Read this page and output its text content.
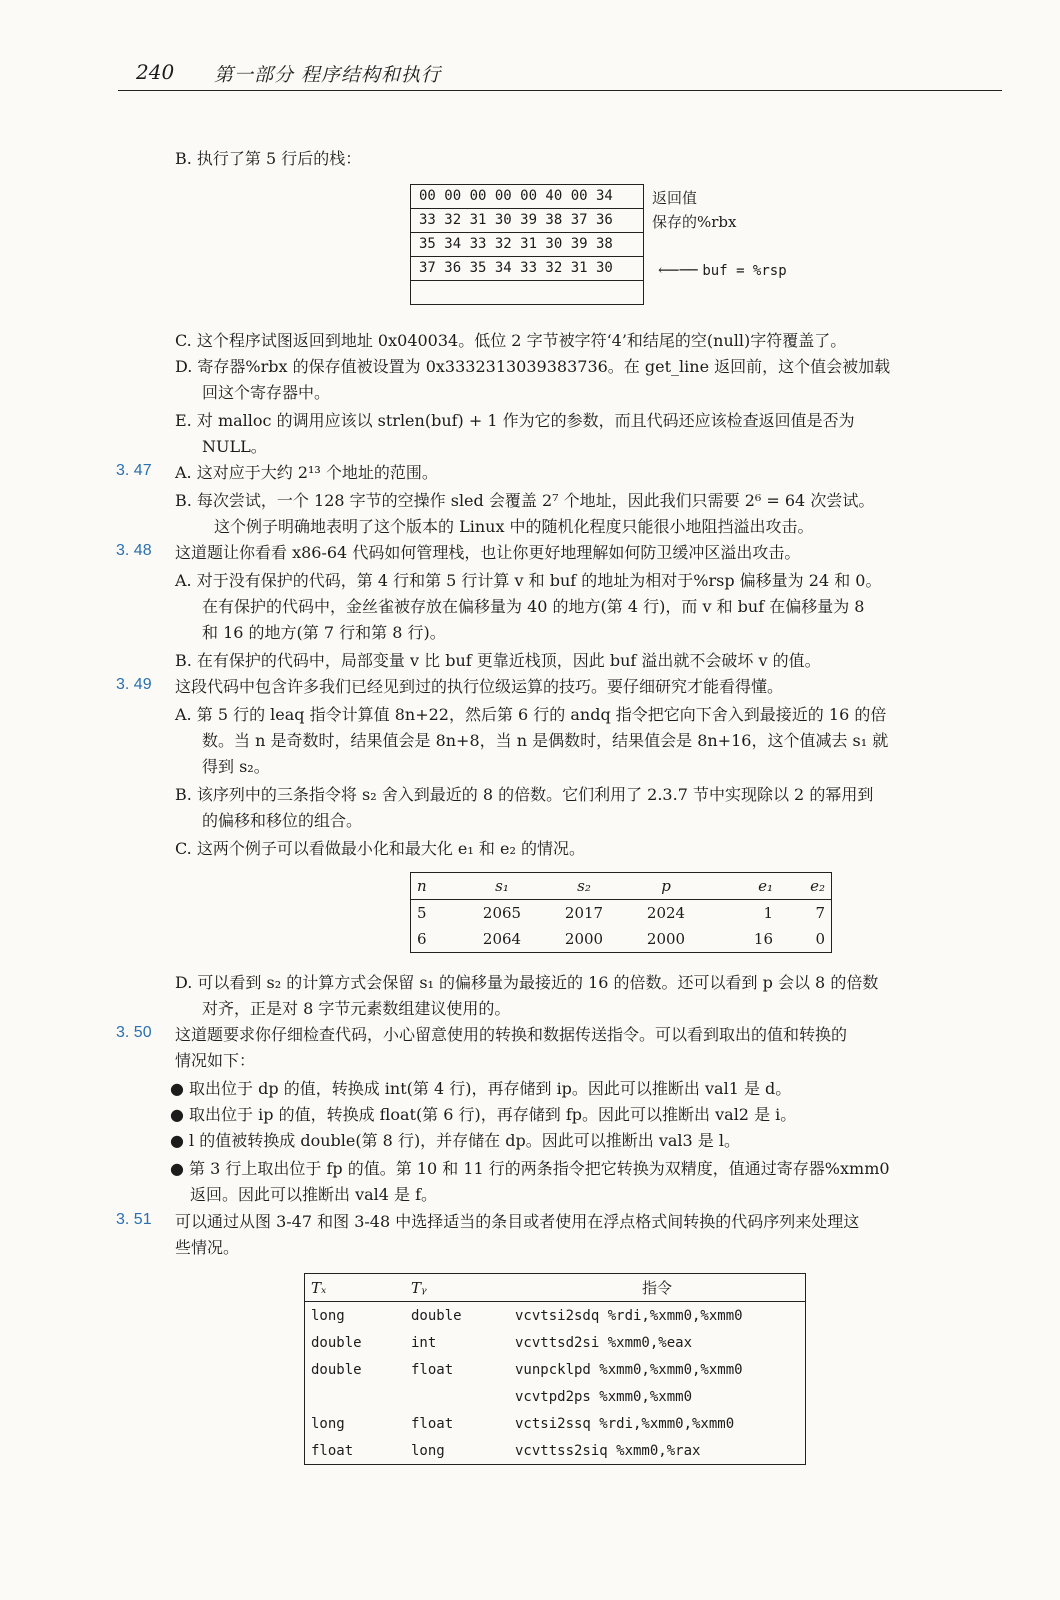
240 第一部分 程序结构和执行
B. 执行了第 5 行后的栈：
00 00 00 00 00 40 00 34
33 32 31 30 39 38 37 36
35 34 33 32 31 30 39 38
37 36 35 34 33 32 31 30
返回值
保存的%rbx
⟵── buf = %rsp
C. 这个程序试图返回到地址 0x040034。低位 2 字节被字符‘4’和结尾的空(null)字符覆盖了。
D. 寄存器%rbx 的保存值被设置为 0x3332313039383736。在 get_line 返回前，这个值会被加载
回这个寄存器中。
E. 对 malloc 的调用应该以 strlen(buf) + 1 作为它的参数，而且代码还应该检查返回值是否为
NULL。
3. 47 A. 这对应于大约 2¹³ 个地址的范围。
B. 每次尝试，一个 128 字节的空操作 sled 会覆盖 2⁷ 个地址，因此我们只需要 2⁶ = 64 次尝试。
这个例子明确地表明了这个版本的 Linux 中的随机化程度只能很小地阻挡溢出攻击。
3. 48 这道题让你看看 x86-64 代码如何管理栈，也让你更好地理解如何防卫缓冲区溢出攻击。
A. 对于没有保护的代码，第 4 行和第 5 行计算 v 和 buf 的地址为相对于%rsp 偏移量为 24 和 0。
在有保护的代码中，金丝雀被存放在偏移量为 40 的地方(第 4 行)，而 v 和 buf 在偏移量为 8
和 16 的地方(第 7 行和第 8 行)。
B. 在有保护的代码中，局部变量 v 比 buf 更靠近栈顶，因此 buf 溢出就不会破坏 v 的值。
3. 49 这段代码中包含许多我们已经见到过的执行位级运算的技巧。要仔细研究才能看得懂。
A. 第 5 行的 leaq 指令计算值 8n+22，然后第 6 行的 andq 指令把它向下舍入到最接近的 16 的倍
数。当 n 是奇数时，结果值会是 8n+8，当 n 是偶数时，结果值会是 8n+16，这个值减去 s₁ 就
得到 s₂。
B. 该序列中的三条指令将 s₂ 舍入到最近的 8 的倍数。它们利用了 2.3.7 节中实现除以 2 的幂用到
的偏移和移位的组合。
C. 这两个例子可以看做最小化和最大化 e₁ 和 e₂ 的情况。
n	s₁	s₂	p	e₁	e₂
5	2065	2017	2024	1	7
6	2064	2000	2000	16	0
D. 可以看到 s₂ 的计算方式会保留 s₁ 的偏移量为最接近的 16 的倍数。还可以看到 p 会以 8 的倍数
对齐，正是对 8 字节元素数组建议使用的。
3. 50 这道题要求你仔细检查代码，小心留意使用的转换和数据传送指令。可以看到取出的值和转换的
情况如下：
● 取出位于 dp 的值，转换成 int(第 4 行)，再存储到 ip。因此可以推断出 val1 是 d。
● 取出位于 ip 的值，转换成 float(第 6 行)，再存储到 fp。因此可以推断出 val2 是 i。
● l 的值被转换成 double(第 8 行)，并存储在 dp。因此可以推断出 val3 是 l。
● 第 3 行上取出位于 fp 的值。第 10 和 11 行的两条指令把它转换为双精度，值通过寄存器%xmm0
返回。因此可以推断出 val4 是 f。
3. 51 可以通过从图 3-47 和图 3-48 中选择适当的条目或者使用在浮点格式间转换的代码序列来处理这
些情况。
Tₓ	Tᵧ	指令
long	double	vcvtsi2sdq %rdi,%xmm0,%xmm0
double	int	vcvttsd2si %xmm0,%eax
double	float	vunpcklpd %xmm0,%xmm0,%xmm0
		vcvtpd2ps %xmm0,%xmm0
long	float	vctsi2ssq %rdi,%xmm0,%xmm0
float	long	vcvttss2siq %xmm0,%rax
